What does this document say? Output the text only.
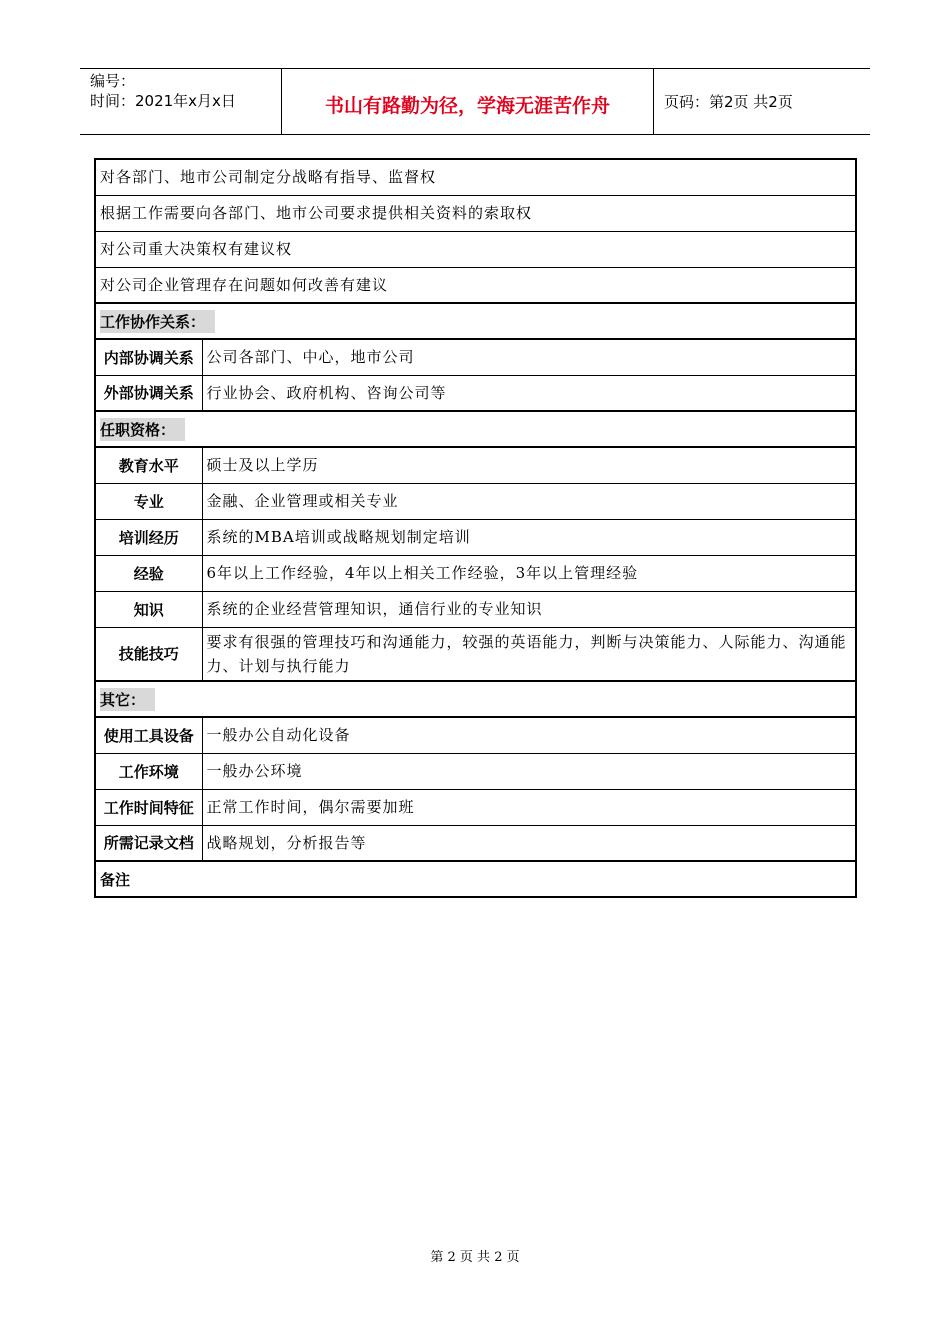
编号：
时间：2021年x月x日	书山有路勤为径，学海无涯苦作舟	页码：第2页 共2页
对各部门、地市公司制定分战略有指导、监督权	
根据工作需要向各部门、地市公司要求提供相关资料的索取权	
对公司重大决策权有建议权	
对公司企业管理存在问题如何改善有建议	
工作协作关系：	
内部协调关系	公司各部门、中心，地市公司
外部协调关系	行业协会、政府机构、咨询公司等
任职资格：	
教育水平	硕士及以上学历
专业	金融、企业管理或相关专业
培训经历	系统的MBA培训或战略规划制定培训
经验	6年以上工作经验，4年以上相关工作经验，3年以上管理经验
知识	系统的企业经营管理知识，通信行业的专业知识
技能技巧	要求有很强的管理技巧和沟通能力，较强的英语能力，判断与决策能力、人际能力、沟通能力、计划与执行能力
其它：	
使用工具设备	一般办公自动化设备
工作环境	一般办公环境
工作时间特征	正常工作时间，偶尔需要加班
所需记录文档	战略规划，分析报告等
备注	
第 2 页 共 2 页
